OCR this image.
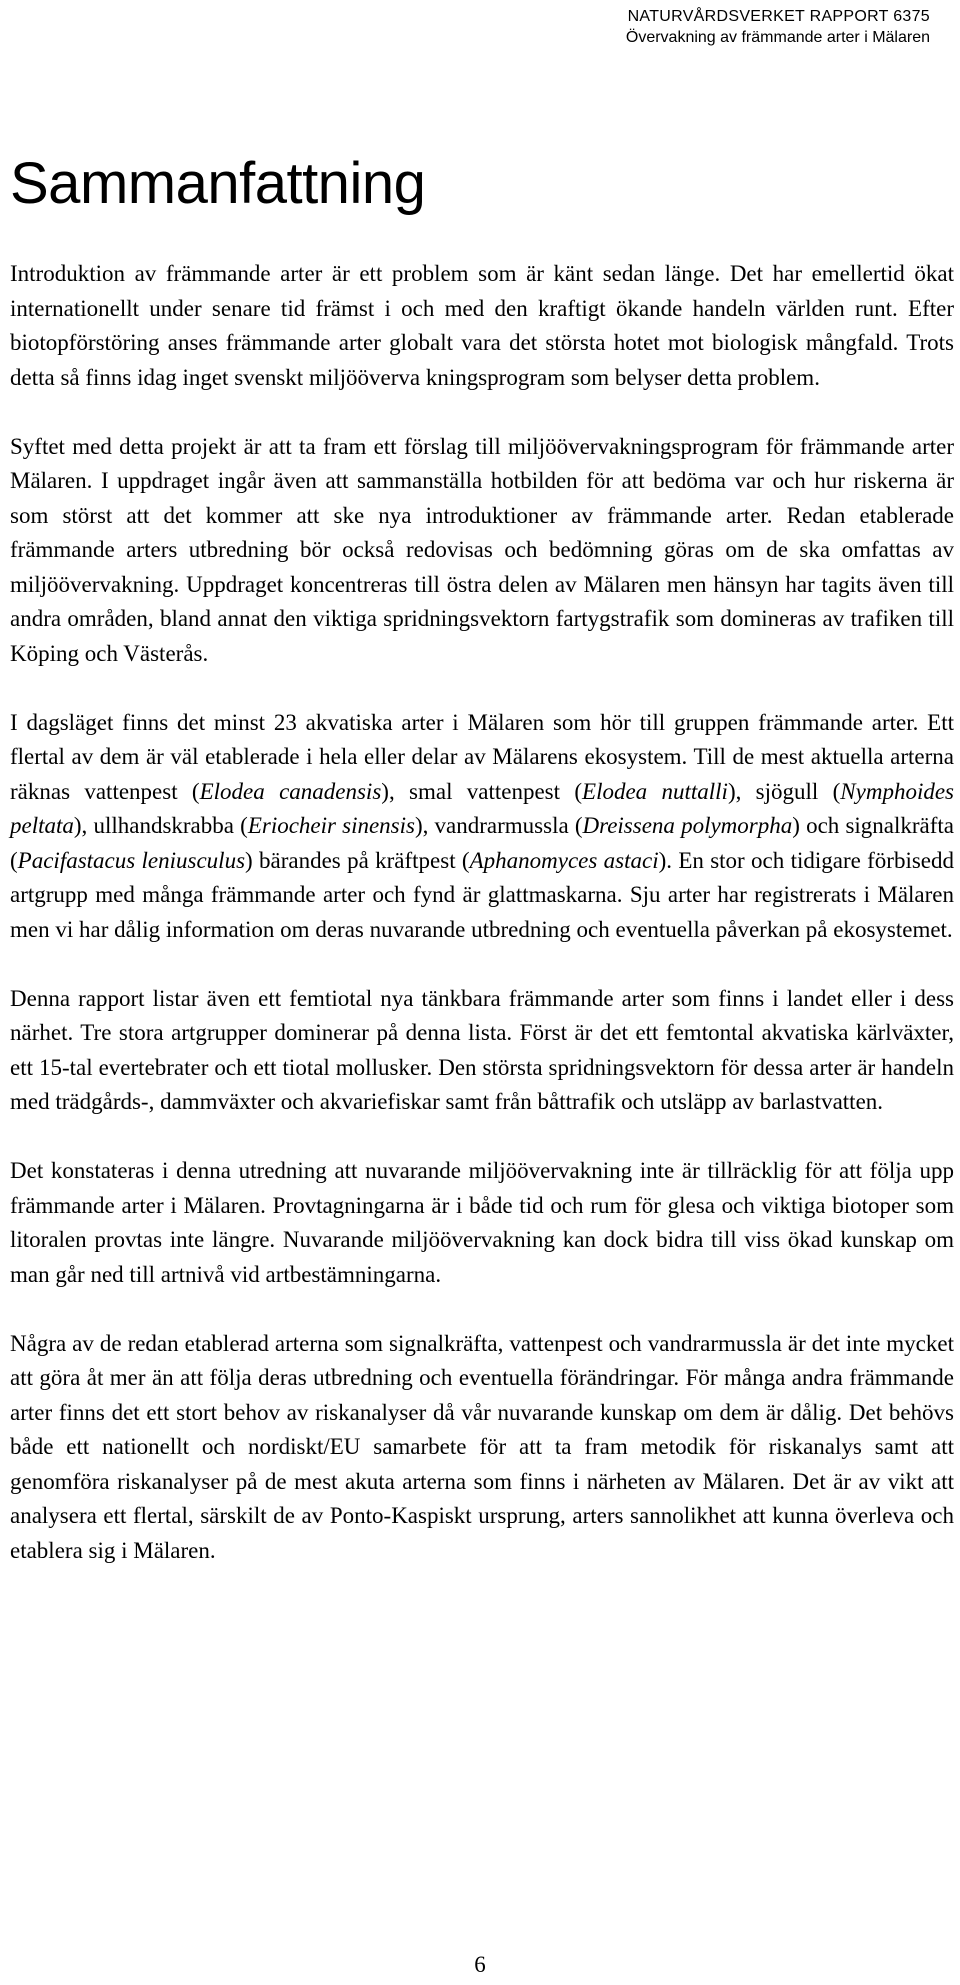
NATURVÅRDSVERKET RAPPORT 6375
Övervakning av främmande arter i Mälaren
Sammanfattning

Introduktion av främmande arter är ett problem som är känt sedan länge. Det har emellertid ökat internationellt under senare tid främst i och med den kraftigt ökande handeln världen runt. Efter biotopförstöring anses främmande arter globalt vara det största hotet mot biologisk mångfald. Trots detta så finns idag inget svenskt miljööverva kningsprogram som belyser detta problem.

Syftet med detta projekt är att ta fram ett förslag till miljöövervakningsprogram för främmande arter Mälaren. I uppdraget ingår även att sammanställa hotbilden för att bedöma var och hur riskerna är som störst att det kommer att ske nya introduktioner av främmande arter. Redan etablerade främmande arters utbredning bör också redovisas och bedömning göras om de ska omfattas av miljöövervakning. Uppdraget koncentreras till östra delen av Mälaren men hänsyn har tagits även till andra områden, bland annat den viktiga spridningsvektorn fartygstrafik som domineras av trafiken till Köping och Västerås.

I dagsläget finns det minst 23 akvatiska arter i Mälaren som hör till gruppen främmande arter. Ett flertal av dem är väl etablerade i hela eller delar av Mälarens ekosystem. Till de mest aktuella arterna räknas vattenpest (Elodea canadensis), smal vattenpest (Elodea nuttalli), sjögull (Nymphoides peltata), ullhandskrabba (Eriocheir sinensis), vandrarmussla (Dreissena polymorpha) och signalkräfta (Pacifastacus leniusculus) bärandes på kräftpest (Aphanomyces astaci). En stor och tidigare förbisedd artgrupp med många främmande arter och fynd är glattmaskarna. Sju arter har registrerats i Mälaren men vi har dålig information om deras nuvarande utbredning och eventuella påverkan på ekosystemet.

Denna rapport listar även ett femtiotal nya tänkbara främmande arter som finns i landet eller i dess närhet. Tre stora artgrupper dominerar på denna lista. Först är det ett femtontal akvatiska kärlväxter, ett 15-tal evertebrater och ett tiotal mollusker. Den största spridningsvektorn för dessa arter är handeln med trädgårds-, dammväxter och akvariefiskar samt från båttrafik och utsläpp av barlastvatten.

Det konstateras i denna utredning att nuvarande miljöövervakning inte är tillräcklig för att följa upp främmande arter i Mälaren. Provtagningarna är i både tid och rum för glesa och viktiga biotoper som litoralen provtas inte längre. Nuvarande miljöövervakning kan dock bidra till viss ökad kunskap om man går ned till artnivå vid artbestämningarna.

Några av de redan etablerad arterna som signalkräfta, vattenpest och vandrarmussla är det inte mycket att göra åt mer än att följa deras utbredning och eventuella förändringar. För många andra främmande arter finns det ett stort behov av riskanalyser då vår nuvarande kunskap om dem är dålig. Det behövs både ett nationellt och nordiskt/EU samarbete för att ta fram metodik för riskanalys samt att genomföra riskanalyser på de mest akuta arterna som finns i närheten av Mälaren. Det är av vikt att analysera ett flertal, särskilt de av Ponto-Kaspiskt ursprung, arters sannolikhet att kunna överleva och etablera sig i Mälaren.

6
